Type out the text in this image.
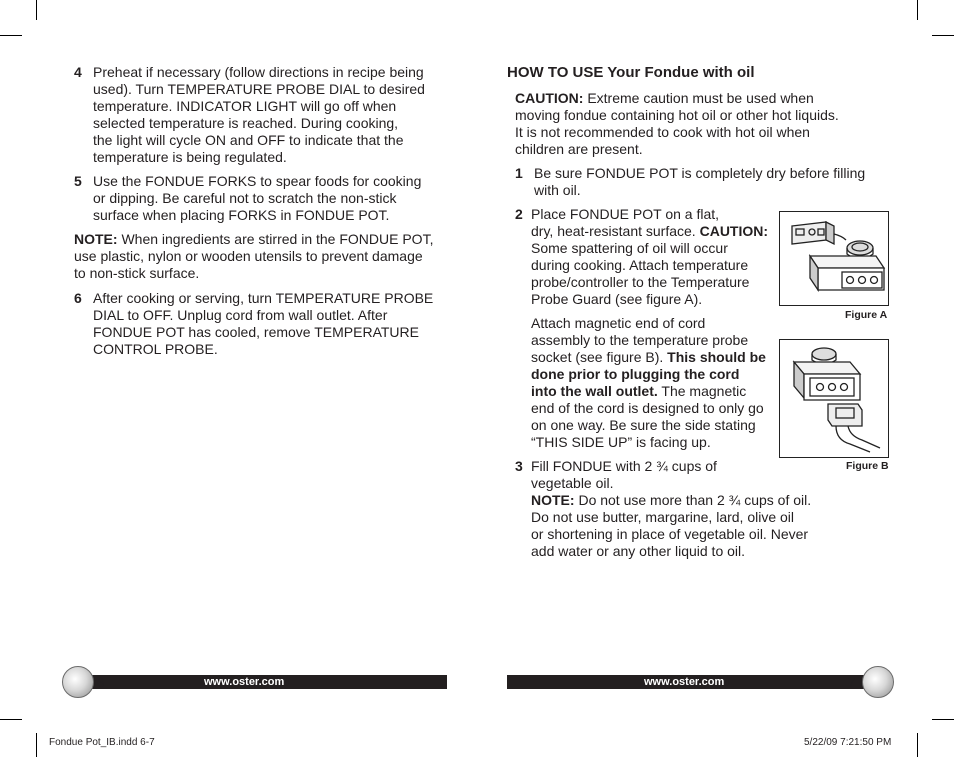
4 Preheat if necessary (follow directions in recipe being
used). Turn TEMPERATURE PROBE DIAL to desired
temperature. INDICATOR LIGHT will go off when
selected temperature is reached. During cooking,
the light will cycle ON and OFF to indicate that the
temperature is being regulated.
5 Use the FONDUE FORKS to spear foods for cooking
or dipping. Be careful not to scratch the non-stick
surface when placing FORKS in FONDUE POT.
NOTE: When ingredients are stirred in the FONDUE POT,
use plastic, nylon or wooden utensils to prevent damage
to non-stick surface.
6 After cooking or serving, turn TEMPERATURE PROBE
DIAL to OFF. Unplug cord from wall outlet. After
FONDUE POT has cooled, remove TEMPERATURE
CONTROL PROBE.
www.oster.com
6
HOW TO USE Your Fondue with oil
CAUTION: Extreme caution must be used when
moving fondue containing hot oil or other hot liquids.
It is not recommended to cook with hot oil when
children are present.
1 Be sure FONDUE POT is completely dry before filling
with oil.
2 Place FONDUE POT on a flat,
dry, heat-resistant surface. CAUTION:
Some spattering of oil will occur
during cooking. Attach temperature
probe/controller to the Temperature
Probe Guard (see figure A).
Attach magnetic end of cord
assembly to the temperature probe
socket (see figure B). This should be
done prior to plugging the cord
into the wall outlet. The magnetic
end of the cord is designed to only go
on one way. Be sure the side stating
“THIS SIDE UP” is facing up.
3 Fill FONDUE with 2 ¾ cups of
vegetable oil.
NOTE: Do not use more than 2 ¾ cups of oil.
Do not use butter, margarine, lard, olive oil
or shortening in place of vegetable oil. Never
add water or any other liquid to oil.
Figure A
Figure B
www.oster.com	7
Fondue Pot_IB.indd 6-7	5/22/09 7:21:50 PM
